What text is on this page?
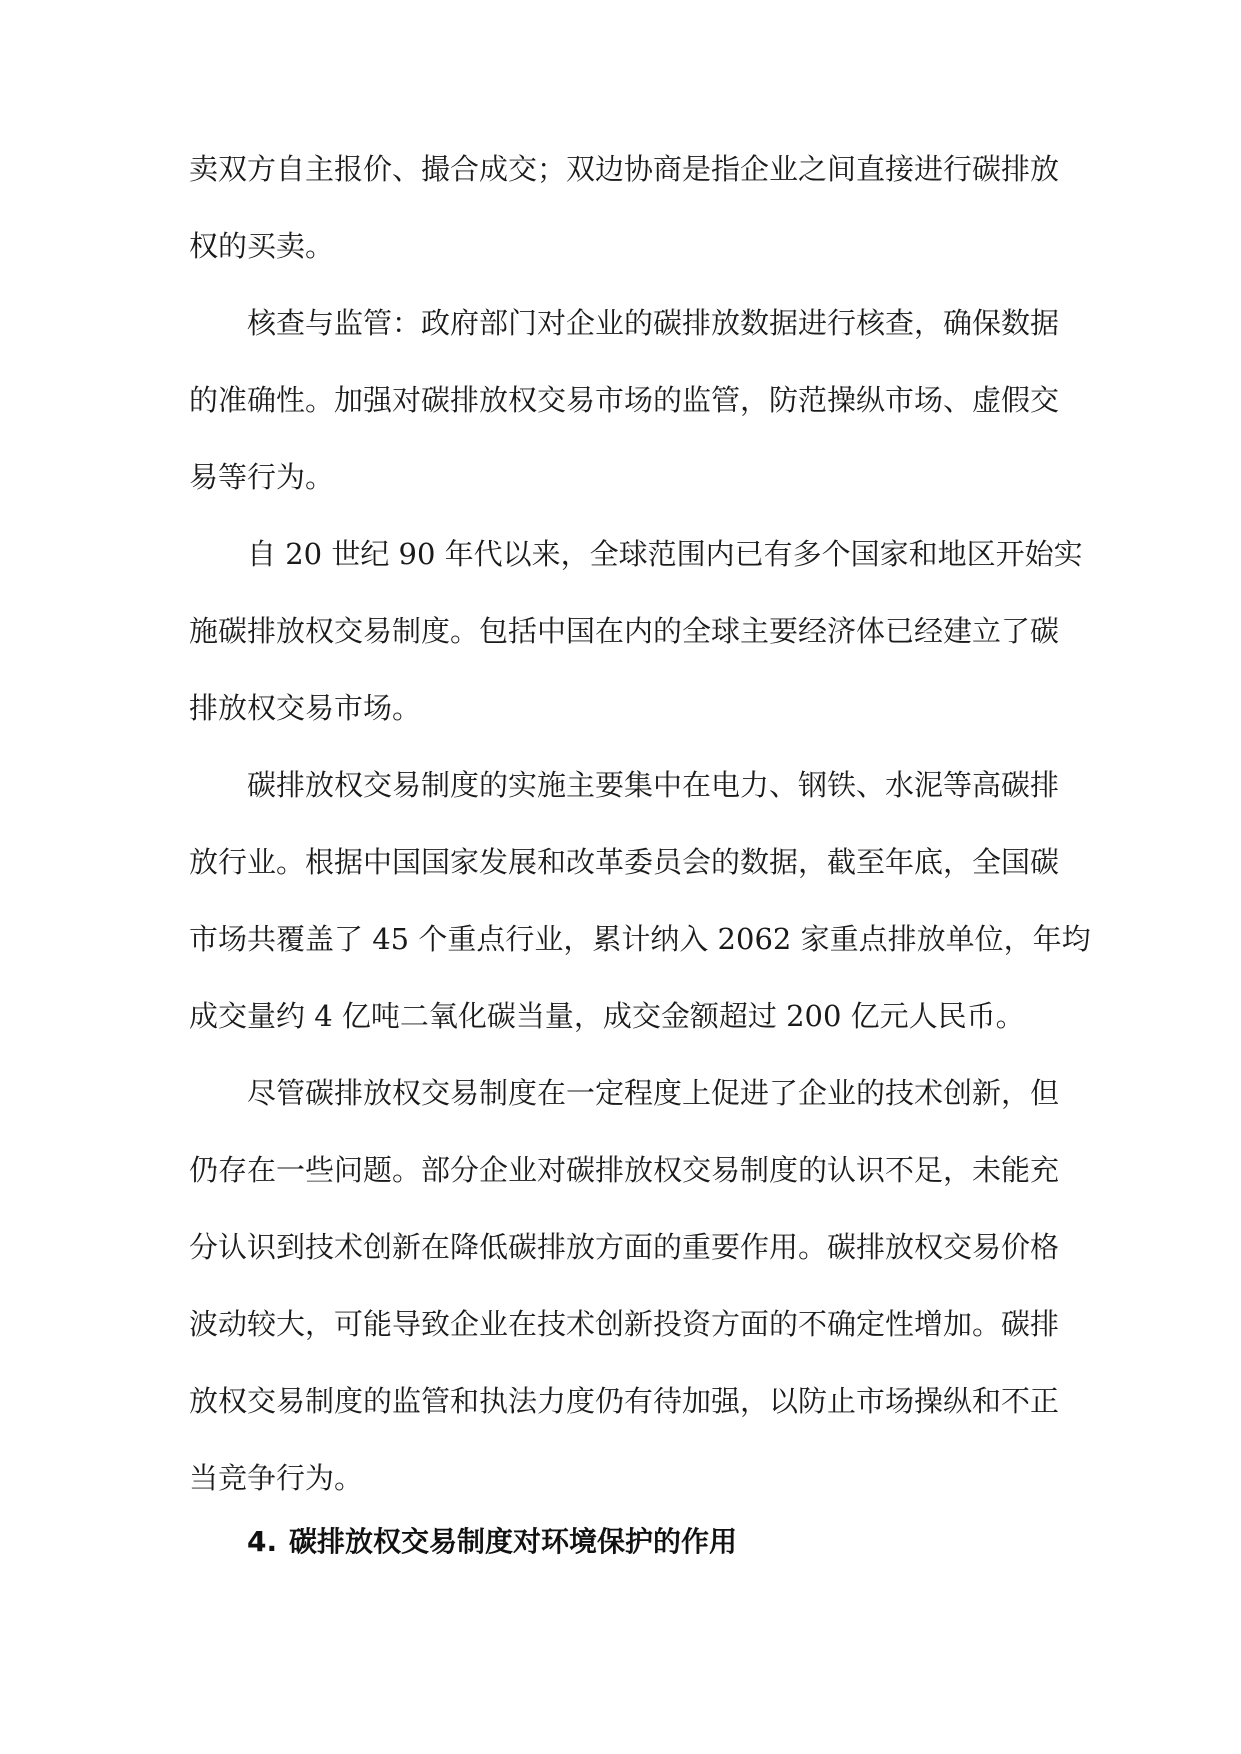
卖双方自主报价、撮合成交；双边协商是指企业之间直接进行碳排放
权的买卖。

核查与监管：政府部门对企业的碳排放数据进行核查，确保数据
的准确性。加强对碳排放权交易市场的监管，防范操纵市场、虚假交
易等行为。

自 20 世纪 90 年代以来，全球范围内已有多个国家和地区开始实
施碳排放权交易制度。包括中国在内的全球主要经济体已经建立了碳
排放权交易市场。

碳排放权交易制度的实施主要集中在电力、钢铁、水泥等高碳排
放行业。根据中国国家发展和改革委员会的数据，截至年底，全国碳
市场共覆盖了 45 个重点行业，累计纳入 2062 家重点排放单位，年均
成交量约 4 亿吨二氧化碳当量，成交金额超过 200 亿元人民币。

尽管碳排放权交易制度在一定程度上促进了企业的技术创新，但
仍存在一些问题。部分企业对碳排放权交易制度的认识不足，未能充
分认识到技术创新在降低碳排放方面的重要作用。碳排放权交易价格
波动较大，可能导致企业在技术创新投资方面的不确定性增加。碳排
放权交易制度的监管和执法力度仍有待加强，以防止市场操纵和不正
当竞争行为。

4. 碳排放权交易制度对环境保护的作用
